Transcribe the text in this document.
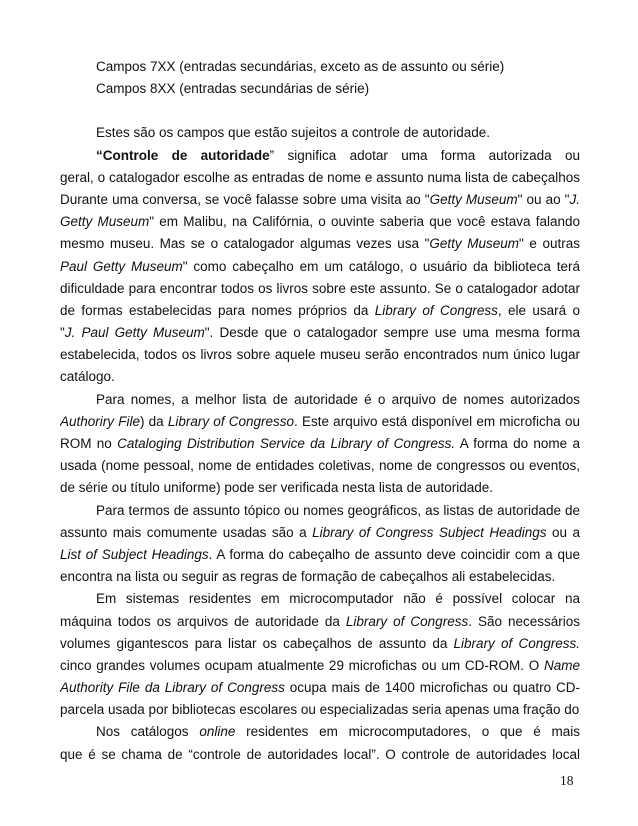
Campos 7XX (entradas secundárias, exceto as de assunto ou série)
Campos 8XX (entradas secundárias de série)
Estes são os campos que estão sujeitos a controle de autoridade.
“Controle de autoridade” significa adotar uma forma autorizada ou
geral, o catalogador escolhe as entradas de nome e assunto numa lista de cabeçalhos
Durante uma conversa, se você falasse sobre uma visita ao "Getty Museum" ou ao "J.
Getty Museum" em Malibu, na Califórnia, o ouvinte saberia que você estava falando
mesmo museu. Mas se o catalogador algumas vezes usa "Getty Museum" e outras
Paul Getty Museum" como cabeçalho em um catálogo, o usuário da biblioteca terá
dificuldade para encontrar todos os livros sobre este assunto. Se o catalogador adotar
de formas estabelecidas para nomes próprios da Library of Congress, ele usará o
"J. Paul Getty Museum". Desde que o catalogador sempre use uma mesma forma
estabelecida, todos os livros sobre aquele museu serão encontrados num único lugar
catálogo.
Para nomes, a melhor lista de autoridade é o arquivo de nomes autorizados
Authoriry File) da Library of Congresso. Este arquivo está disponível em microficha ou
ROM no Cataloging Distribution Service da Library of Congress. A forma do nome a
usada (nome pessoal, nome de entidades coletivas, nome de congressos ou eventos,
de série ou título uniforme) pode ser verificada nesta lista de autoridade.
Para termos de assunto tópico ou nomes geográficos, as listas de autoridade de
assunto mais comumente usadas são a Library of Congress Subject Headings ou a
List of Subject Headings. A forma do cabeçalho de assunto deve coincidir com a que
encontra na lista ou seguir as regras de formação de cabeçalhos ali estabelecidas.
Em sistemas residentes em microcomputador não é possível colocar na
máquina todos os arquivos de autoridade da Library of Congress. São necessários
volumes gigantescos para listar os cabeçalhos de assunto da Library of Congress.
cinco grandes volumes ocupam atualmente 29 microfichas ou um CD-ROM. O Name
Authority File da Library of Congress ocupa mais de 1400 microfichas ou quatro CD-
parcela usada por bibliotecas escolares ou especializadas seria apenas uma fração do
Nos catálogos online residentes em microcomputadores, o que é mais
que é se chama de “controle de autoridades local”. O controle de autoridades local
18
